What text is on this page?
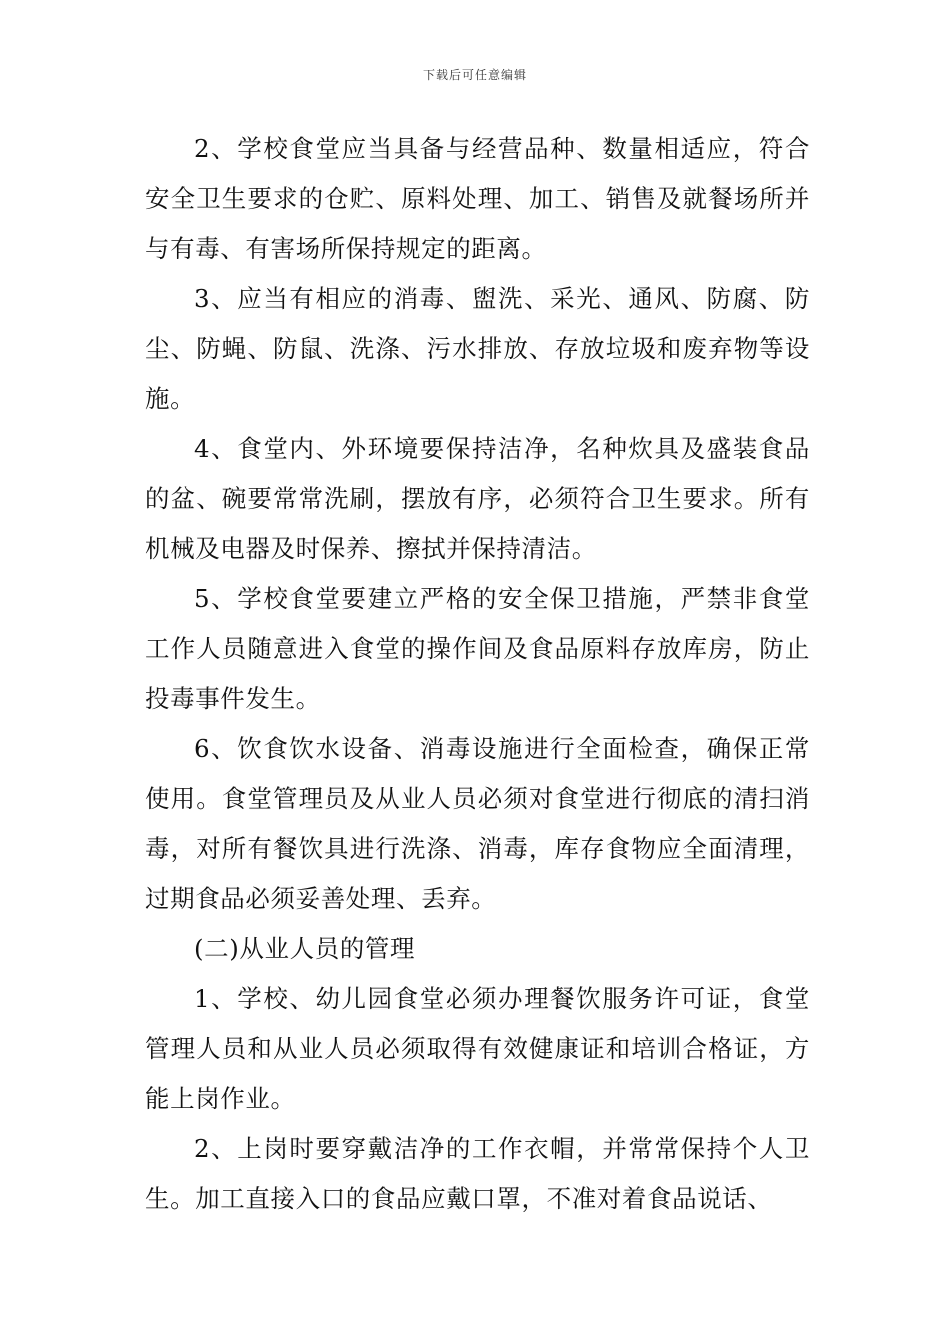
下载后可任意编辑

2、学校食堂应当具备与经营品种、数量相适应，符合安全卫生要求的仓贮、原料处理、加工、销售及就餐场所并与有毒、有害场所保持规定的距离。

3、应当有相应的消毒、盥洗、采光、通风、防腐、防尘、防蝇、防鼠、洗涤、污水排放、存放垃圾和废弃物等设施。

4、食堂内、外环境要保持洁净，名种炊具及盛装食品的盆、碗要常常洗刷，摆放有序，必须符合卫生要求。所有机械及电器及时保养、擦拭并保持清洁。

5、学校食堂要建立严格的安全保卫措施，严禁非食堂工作人员随意进入食堂的操作间及食品原料存放库房，防止投毒事件发生。

6、饮食饮水设备、消毒设施进行全面检查，确保正常使用。食堂管理员及从业人员必须对食堂进行彻底的清扫消毒，对所有餐饮具进行洗涤、消毒，库存食物应全面清理，过期食品必须妥善处理、丢弃。

(二)从业人员的管理

1、学校、幼儿园食堂必须办理餐饮服务许可证，食堂管理人员和从业人员必须取得有效健康证和培训合格证，方能上岗作业。

2、上岗时要穿戴洁净的工作衣帽，并常常保持个人卫生。加工直接入口的食品应戴口罩，不准对着食品说话、
